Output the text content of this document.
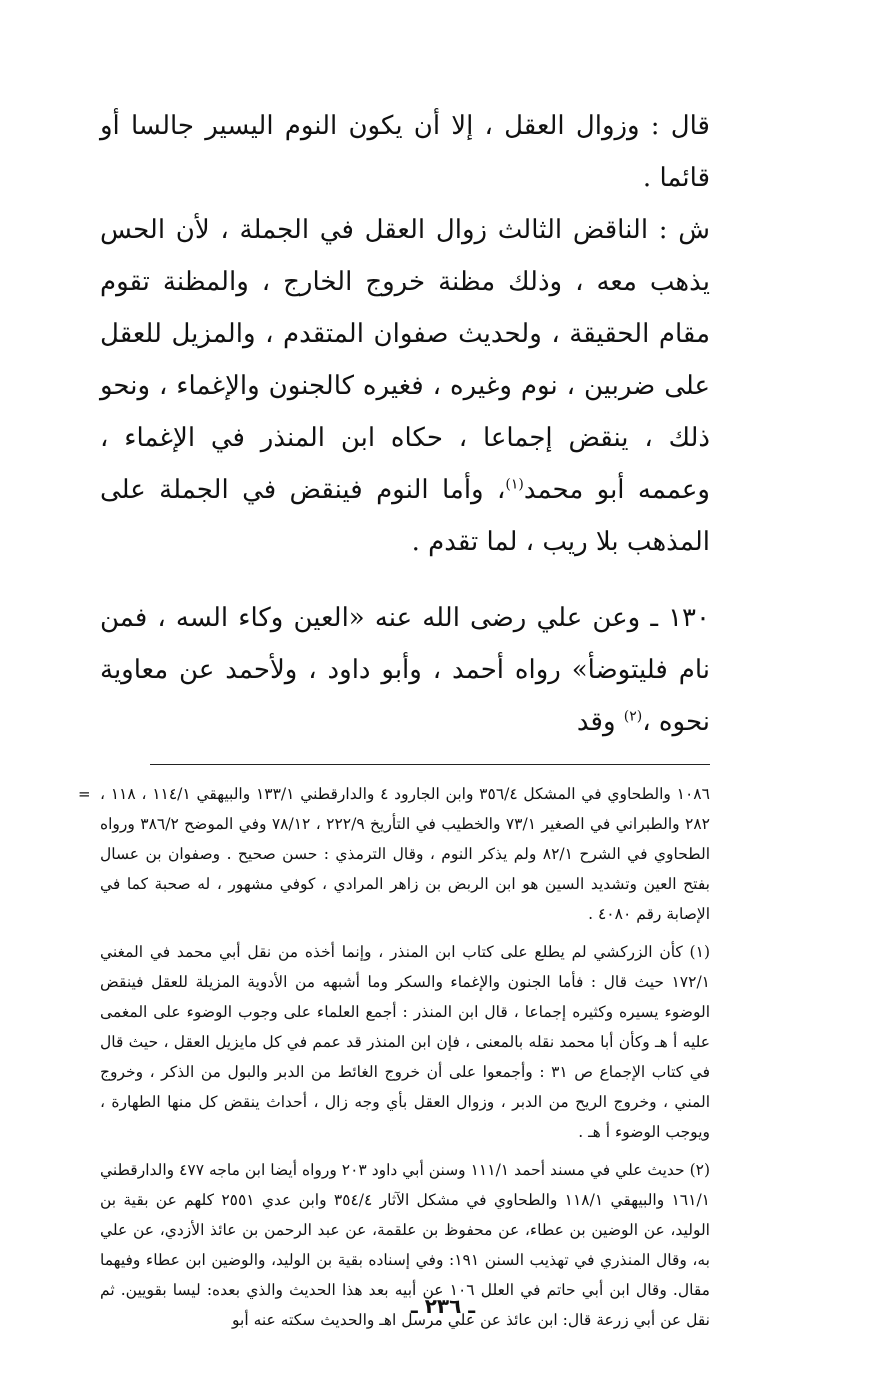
قال : وزوال العقل ، إلا أن يكون النوم اليسير جالسا أو قائما .

ش : الناقض الثالث زوال العقل في الجملة ، لأن الحس يذهب معه ، وذلك مظنة خروج الخارج ، والمظنة تقوم مقام الحقيقة ، ولحديث صفوان المتقدم ، والمزيل للعقل على ضربين ، نوم وغيره ، فغيره كالجنون والإغماء ، ونحو ذلك ، ينقض إجماعا ، حكاه ابن المنذر في الإغماء ، وعممه أبو محمد$^{(١)}$، وأما النوم فينقض في الجملة على المذهب بلا ريب ، لما تقدم .

١٣٠ ـ وعن علي رضى الله عنه «العين وكاء السه ، فمن نام فليتوضأ» رواه أحمد ، وأبو داود ، ولأحمد عن معاوية نحوه ،$^{(٢)}$ وقد
= ١٠٨٦ والطحاوي في المشكل ٣٥٦/٤ وابن الجارود ٤ والدارقطني ١٣٣/١ والبيهقي ١١٤/١ ، ١١٨ ، ٢٨٢ والطبراني في الصغير ٧٣/١ والخطيب في التأريخ ٢٢٢/٩ ، ٧٨/١٢ وفي الموضح ٣٨٦/٢ ورواه الطحاوي في الشرح ٨٢/١ ولم يذكر النوم ، وقال الترمذي : حسن صحيح . وصفوان بن عسال بفتح العين وتشديد السين هو ابن الربض بن زاهر المرادي ، كوفي مشهور ، له صحبة كما في الإصابة رقم ٤٠٨٠ .
(١) كأن الزركشي لم يطلع على كتاب ابن المنذر ، وإنما أخذه من نقل أبي محمد في المغني ١٧٢/١ حيث قال : فأما الجنون والإغماء والسكر وما أشبهه من الأدوية المزيلة للعقل فينقض الوضوء يسيره وكثيره إجماعا ، قال ابن المنذر : أجمع العلماء على وجوب الوضوء على المغمى عليه أ هـ وكأن أبا محمد نقله بالمعنى ، فإن ابن المنذر قد عمم في كل مايزيل العقل ، حيث قال في كتاب الإجماع ص ٣١ : وأجمعوا على أن خروج الغائط من الدبر والبول من الذكر ، وخروج المني ، وخروج الريح من الدبر ، وزوال العقل بأي وجه زال ، أحداث ينقض كل منها الطهارة ، ويوجب الوضوء أ هـ .
(٢) حديث علي في مسند أحمد ١١١/١ وسنن أبي داود ٢٠٣ ورواه أيضا ابن ماجه ٤٧٧ والدارقطني ١٦١/١ والبيهقي ١١٨/١ والطحاوي في مشكل الآثار ٣٥٤/٤ وابن عدي ٢٥٥١ كلهم عن بقية بن الوليد، عن الوضين بن عطاء، عن محفوظ بن علقمة، عن عبد الرحمن بن عائذ الأزدي، عن علي به، وقال المنذري في تهذيب السنن ١٩١: وفي إسناده بقية بن الوليد، والوضين ابن عطاء وفيهما مقال. وقال ابن أبي حاتم في العلل ١٠٦ عن أبيه بعد هذا الحديث والذي بعده: ليسا بقويين. ثم نقل عن أبي زرعة قال: ابن عائذ عن علي مرسل اهـ والحديث سكته عنه أبو
ـ ٢٣٦ ـ
